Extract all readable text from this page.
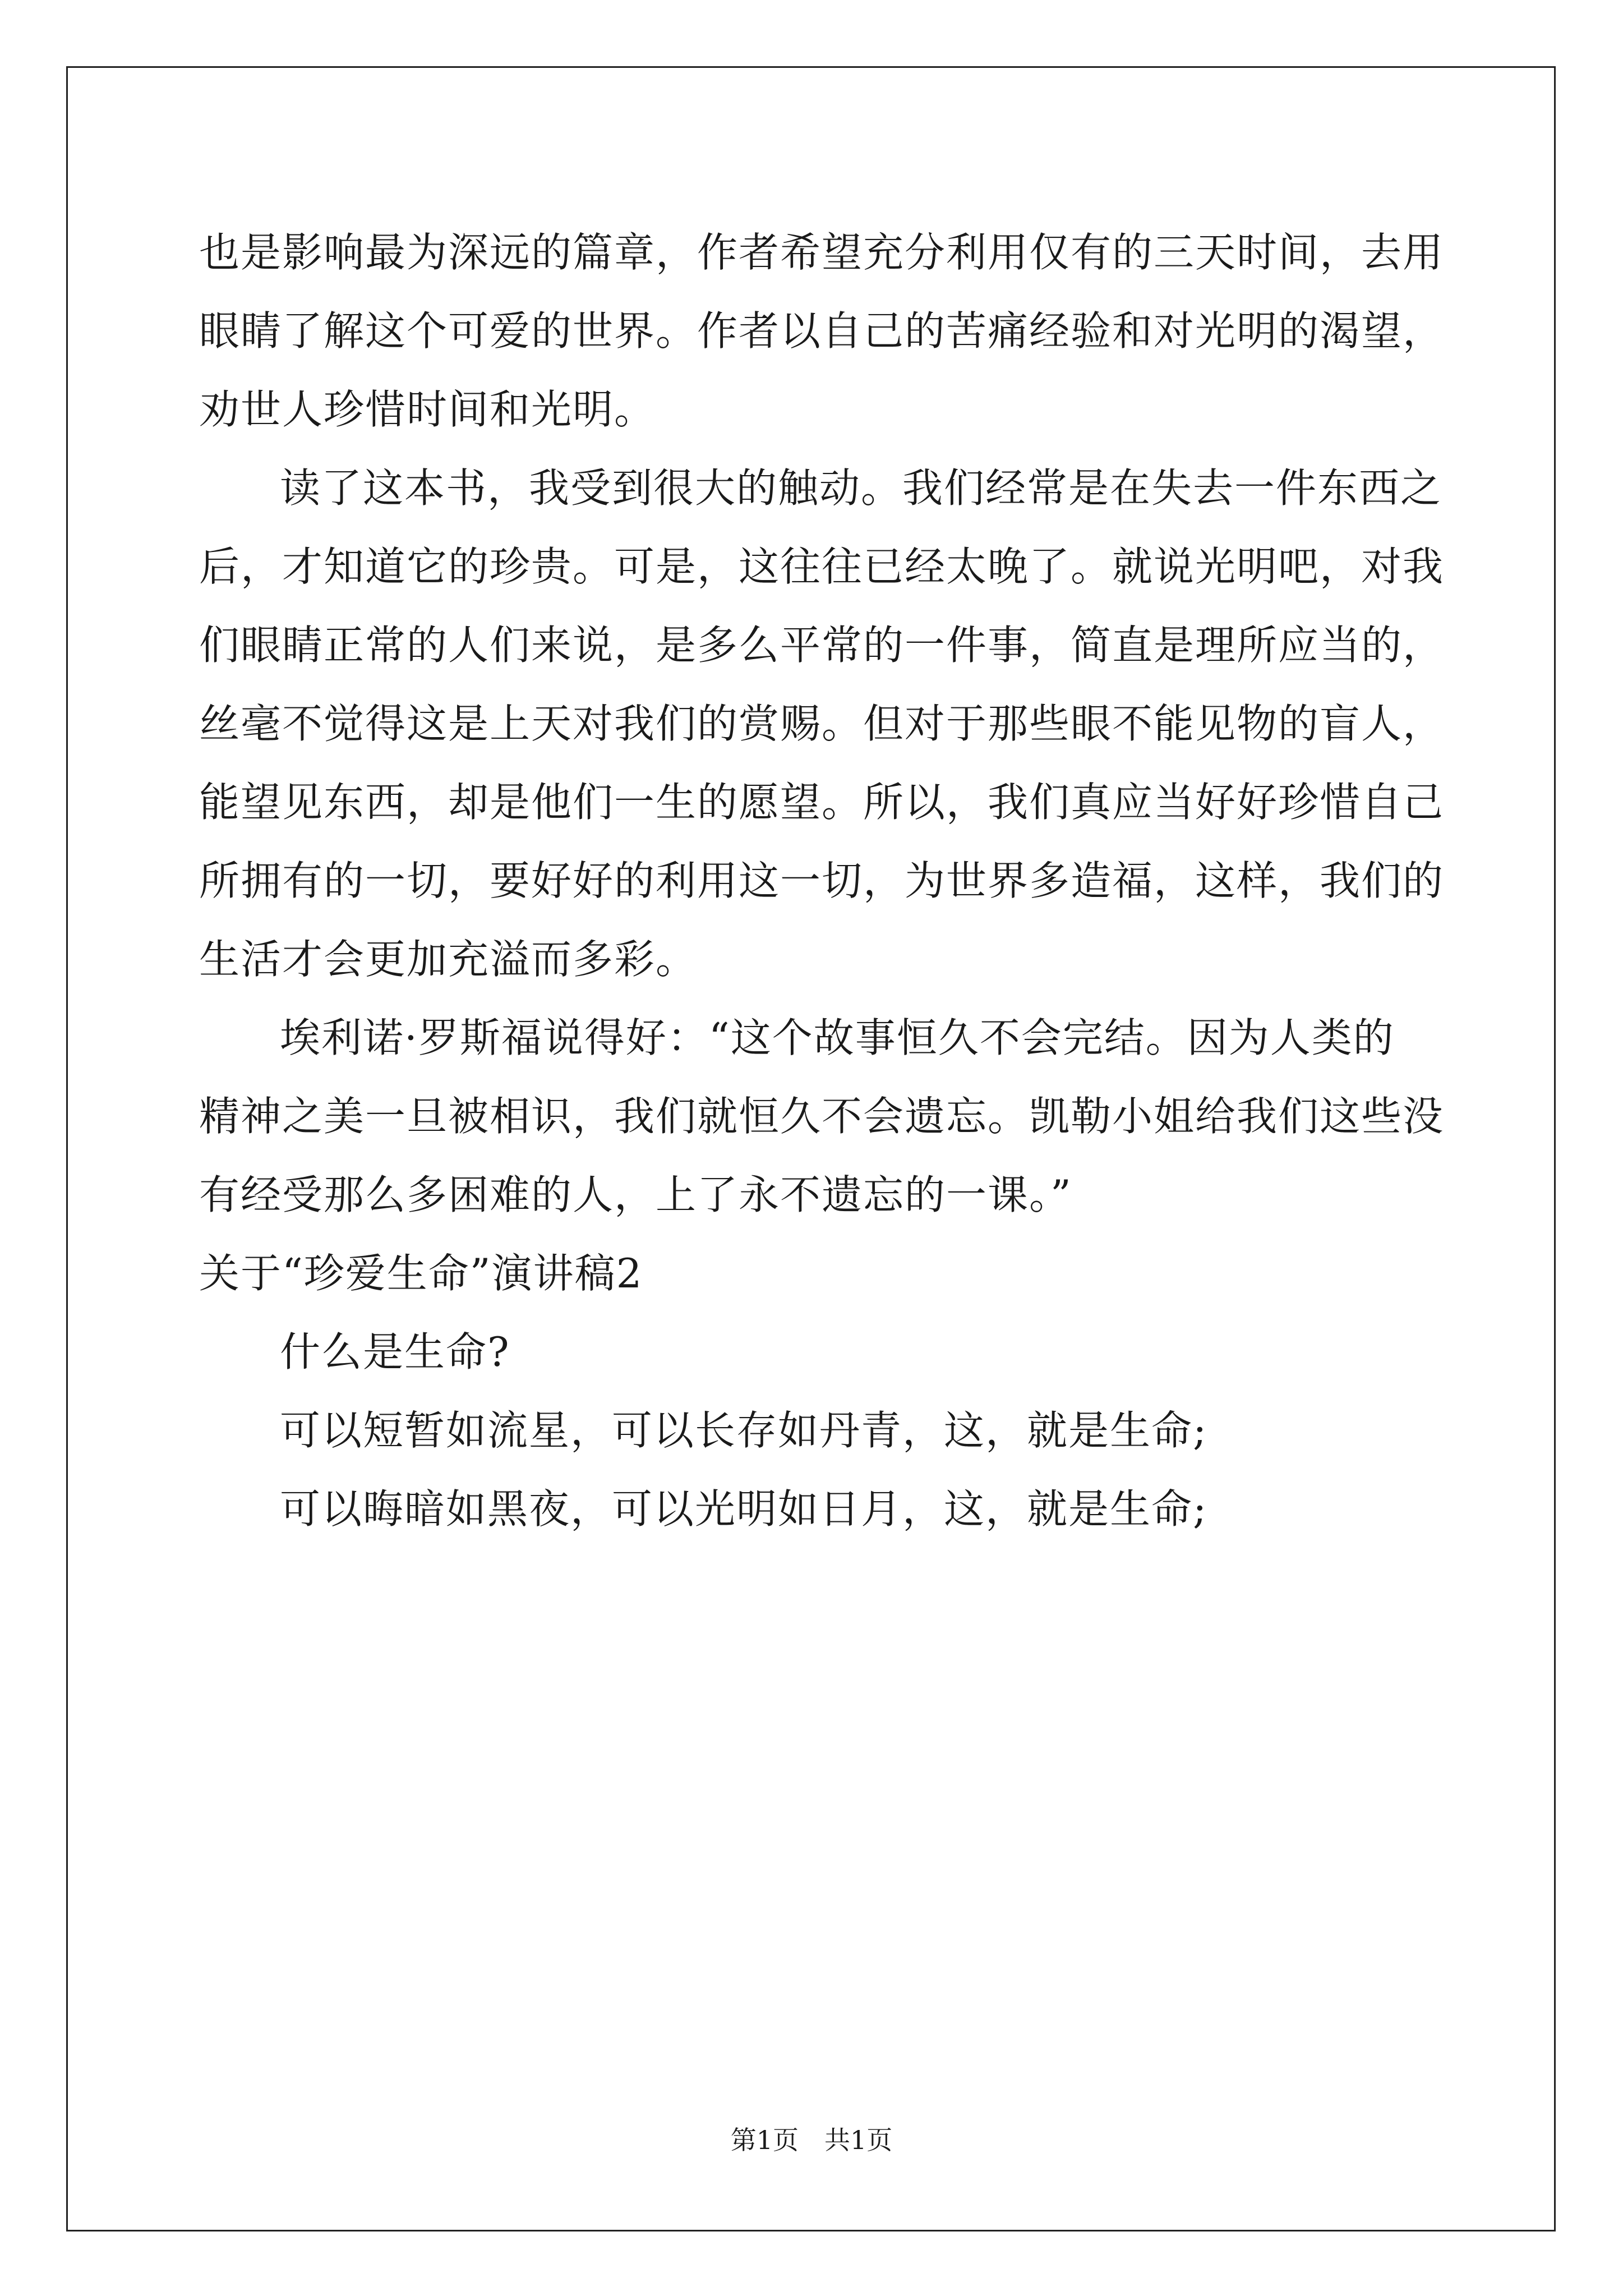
也是影响最为深远的篇章，作者希望充分利用仅有的三天时间，去用
眼睛了解这个可爱的世界。作者以自己的苦痛经验和对光明的渴望，
劝世人珍惜时间和光明。
读了这本书，我受到很大的触动。我们经常是在失去一件东西之
后，才知道它的珍贵。可是，这往往已经太晚了。就说光明吧，对我
们眼睛正常的人们来说，是多么平常的一件事，简直是理所应当的，
丝毫不觉得这是上天对我们的赏赐。但对于那些眼不能见物的盲人，
能望见东西，却是他们一生的愿望。所以，我们真应当好好珍惜自己
所拥有的一切，要好好的利用这一切，为世界多造福，这样，我们的
生活才会更加充溢而多彩。
埃利诺·罗斯福说得好：“这个故事恒久不会完结。因为人类的
精神之美一旦被相识，我们就恒久不会遗忘。凯勒小姐给我们这些没
有经受那么多困难的人，上了永不遗忘的一课。”
关于“珍爱生命”演讲稿2
什么是生命?
可以短暂如流星，可以长存如丹青，这，就是生命;
可以晦暗如黑夜，可以光明如日月，这，就是生命;
第1页　共1页
